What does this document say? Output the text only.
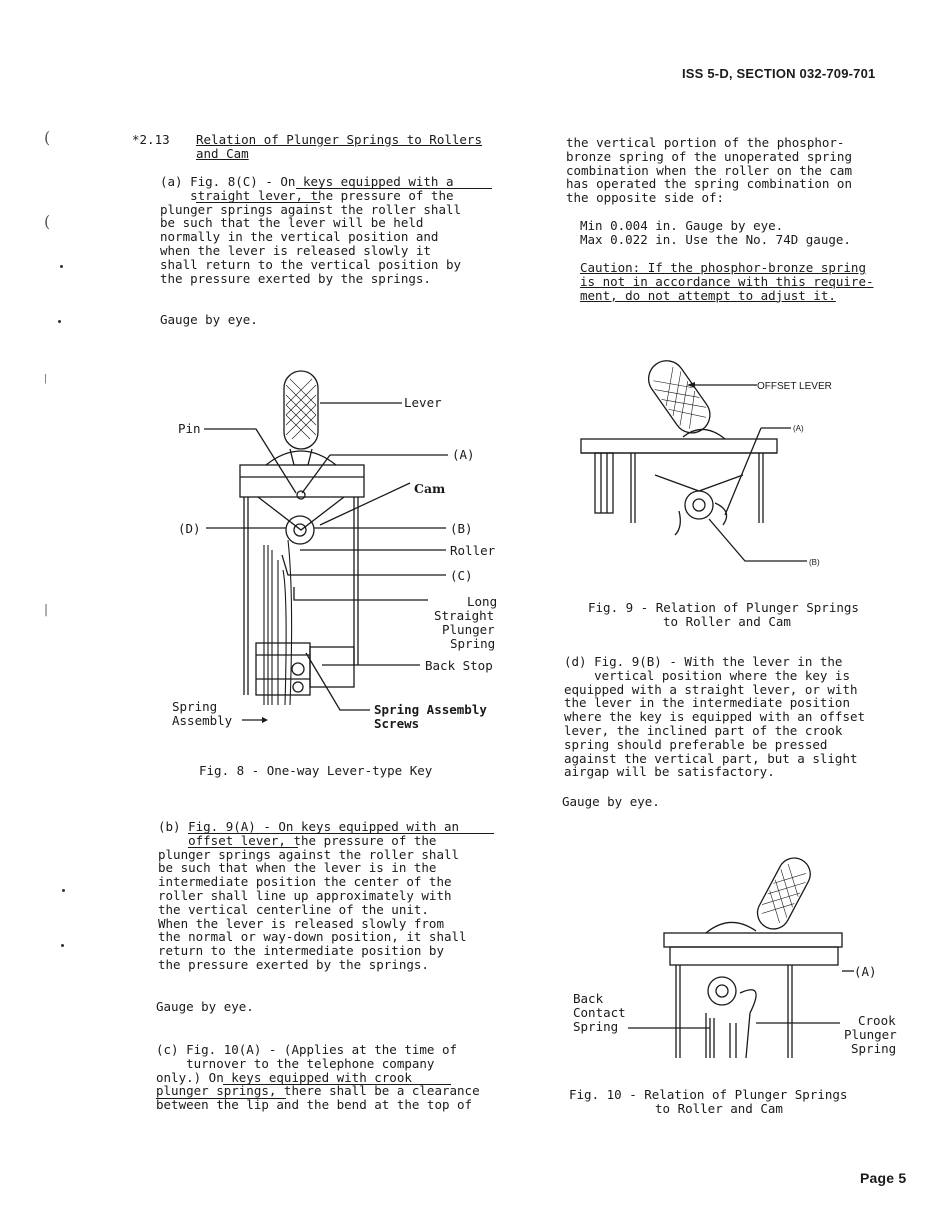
ISS 5-D, SECTION 032-709-701
Page 5
(
(
|
|
*2.13 Relation of Plunger Springs to Rollers
and Cam
(a) Fig. 8(C) - On keys equipped with a
straight lever, the pressure of the
plunger springs against the roller shall
be such that the lever will be held
normally in the vertical position and
when the lever is released slowly it
shall return to the vertical position by
the pressure exerted by the springs.
Gauge by eye.
Lever
Pin
(A)
Cam
(D)	(B)
Roller
(C)
Long
Straight
Plunger
Spring
Back Stop
Spring
Assembly
Spring Assembly
Screws
Fig. 8 - One-way Lever-type Key
(b) Fig. 9(A) - On keys equipped with an
offset lever, the pressure of the
plunger springs against the roller shall
be such that when the lever is in the
intermediate position the center of the
roller shall line up approximately with
the vertical centerline of the unit.
When the lever is released slowly from
the normal or way-down position, it shall
return to the intermediate position by
the pressure exerted by the springs.
Gauge by eye.
(c) Fig. 10(A) - (Applies at the time of
turnover to the telephone company
only.) On keys equipped with crook
plunger springs, there shall be a clearance
between the lip and the bend at the top of
the vertical portion of the phosphor-
bronze spring of the unoperated spring
combination when the roller on the cam
has operated the spring combination on
the opposite side of:
Min 0.004 in. Gauge by eye.
Max 0.022 in. Use the No. 74D gauge.
Caution: If the phosphor-bronze spring
is not in accordance with this require-
ment, do not attempt to adjust it.
OFFSET LEVER
(A)
(B)
Fig. 9 - Relation of Plunger Springs
to Roller and Cam
(d) Fig. 9(B) - With the lever in the
vertical position where the key is
equipped with a straight lever, or with
the lever in the intermediate position
where the key is equipped with an offset
lever, the inclined part of the crook
spring should preferable be pressed
against the vertical part, but a slight
airgap will be satisfactory.
Gauge by eye.
(A)
Back
Contact
Spring	Crook
Plunger
Spring
Fig. 10 - Relation of Plunger Springs
to Roller and Cam
